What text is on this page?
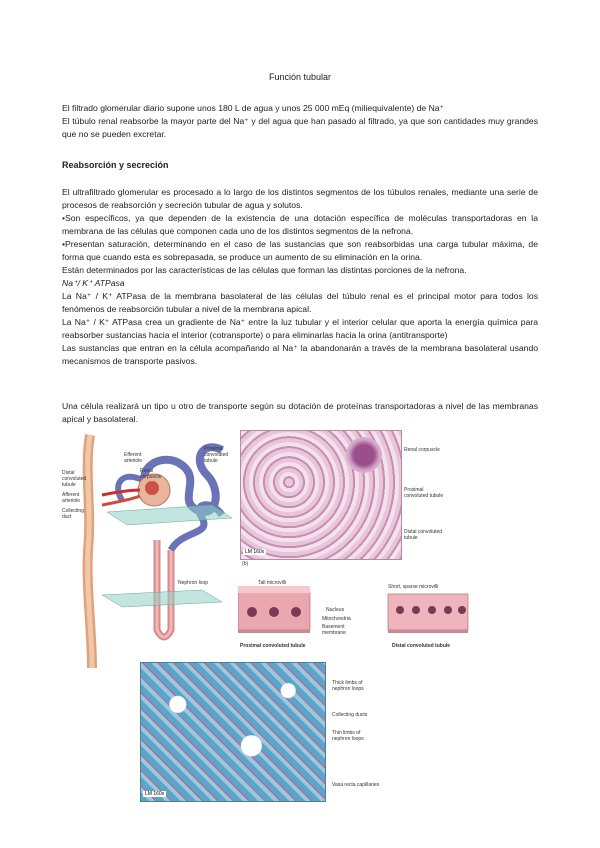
Función tubular

El filtrado glomerular diario supone unos 180 L de agua y unos 25 000 mEq (miliequivalente) de Na⁺

El túbulo renal reabsorbe la mayor parte del Na⁺ y del agua que han pasado al filtrado, ya que son cantidades muy grandes que no se pueden excretar.

Reabsorción y secreción

El ultrafiltrado glomerular es procesado a lo largo de los distintos segmentos de los túbulos renales, mediante una serie de procesos de reabsorción y secreción tubular de agua y solutos.

•Son específicos, ya que dependen de la existencia de una dotación específica de moléculas transportadoras en la membrana de las células que componen cada uno de los distintos segmentos de la nefrona.

•Presentan saturación, determinando en el caso de las sustancias que son reabsorbidas una carga tubular máxima, de forma que cuando esta es sobrepasada, se produce un aumento de su eliminación en la orina.

Están determinados por las características de las células que forman las distintas porciones de la nefrona.

Na⁺/ K⁺ ATPasa

La Na⁺ / K⁺ ATPasa de la membrana basolateral de las células del túbulo renal es el principal motor para todos los fenómenos de reabsorción tubular a nivel de la membrana apical.

La Na⁺ / K⁺ ATPasa crea un gradiente de Na⁺ entre la luz tubular y el interior celular que aporta la energía química para reabsorber sustancias hacia el interior (cotransporte) o para eliminarlas hacia la orina (antitransporte)

Las sustancias que entran en la célula acompañando al Na⁺ la abandonarán a través de la membrana basolateral usando mecanismos de transporte pasivos.

Una célula realizará un tipo u otro de transporte según su dotación de proteínas transportadoras a nivel de las membranas apical y basolateral.

Efferent arteriole
Renal corpuscle
Proximal convoluted tubule
Distal convoluted tubule
Afferent arteriole
Collecting duct
Nephron loop
LM 160x
(b)
Renal corpuscle
Proximal convoluted tubule
Distal convoluted tubule
Tall microvilli
Short, sparse microvilli
Nucleus
Mitochondria
Basement membrane
Proximal convoluted tubule	Distal convoluted tubule
LM 160x
Thick limbs of nephron loops
Collecting ducts
Thin limbs of nephron loops
Vasa recta capillaries
